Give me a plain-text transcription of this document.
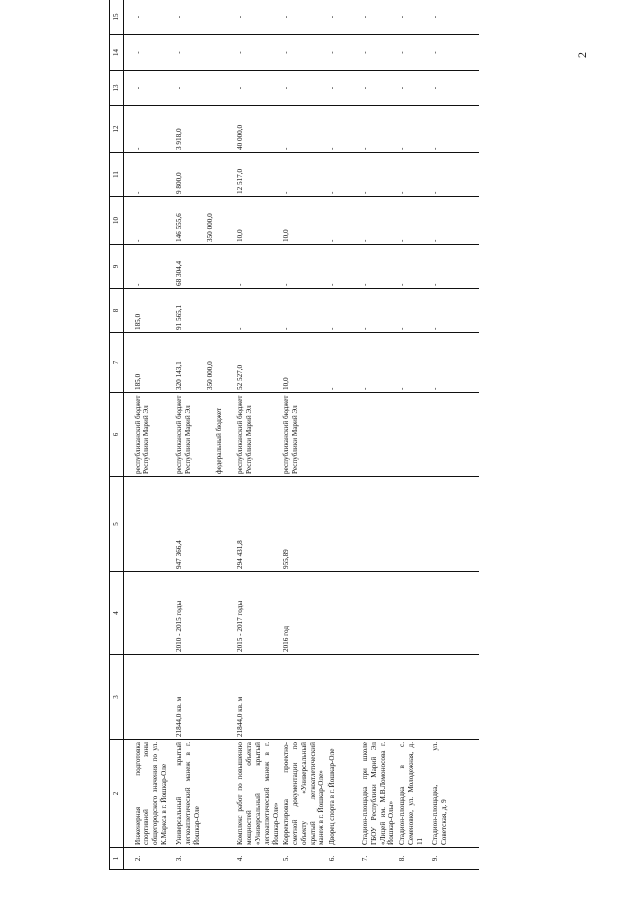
1	2	3	4	5	6	7	8	9	10	11	12	13	14	15
2.	Инженерная подготовка спортивной зоны общегородского значения по ул. К.Маркса в г. Йошкар-Оле				республиканский бюджет Республики Марий Эл	185,0	185,0	-	-	-	-	-	-	-
3.	Универсальный крытый легкоатлетический манеж в г. Йошкар-Оле	21844,0 кв. м	2010 - 2015 годы	947 366,4	республиканский бюджет Республики Марий Эл федеральный бюджет	320 143,1 350 000,0	91 565,1	68 304,4	146 555,6 350 000,0	9 800,0	3 918,0	-	-	-
4.	Комплекс работ по повышению мощностей объекта «Универсальный крытый легкоатлетический манеж в г. Йошкар-Оле»	21844,0 кв. м	2015 - 2017 годы	294 431,8	республиканский бюджет Республики Марий Эл	52 527,0	-	-	10,0	12 517,0	40 000,0	-	-	-
5.	Корректировка проектно-сметной документации по объекту «Универсальный крытый легкоатлетический манеж в г. Йошкар-Оле»		2016 год	955,89	республиканский бюджет Республики Марий Эл	10,0	-	-	10,0	-	-	-	-	-
6.	Дворец спорта в г. Йошкар-Оле					-	-	-	-	-	-	-	-	-
7.	Стадион-площадка при школе ГБОУ Республики Марий Эл «Лицей им. М.В.Ломоносова г. Йошкар-Олы»					-	-	-	-	-	-	-	-	-
8.	Стадион-площадка в с. Семеновке, ул. Молодежная, д. 11					-	-	-	-	-	-	-	-	-
9.	Стадион-площадка, ул. Советская, д. 9					-	-	-	-	-	-	-	-	-

2
